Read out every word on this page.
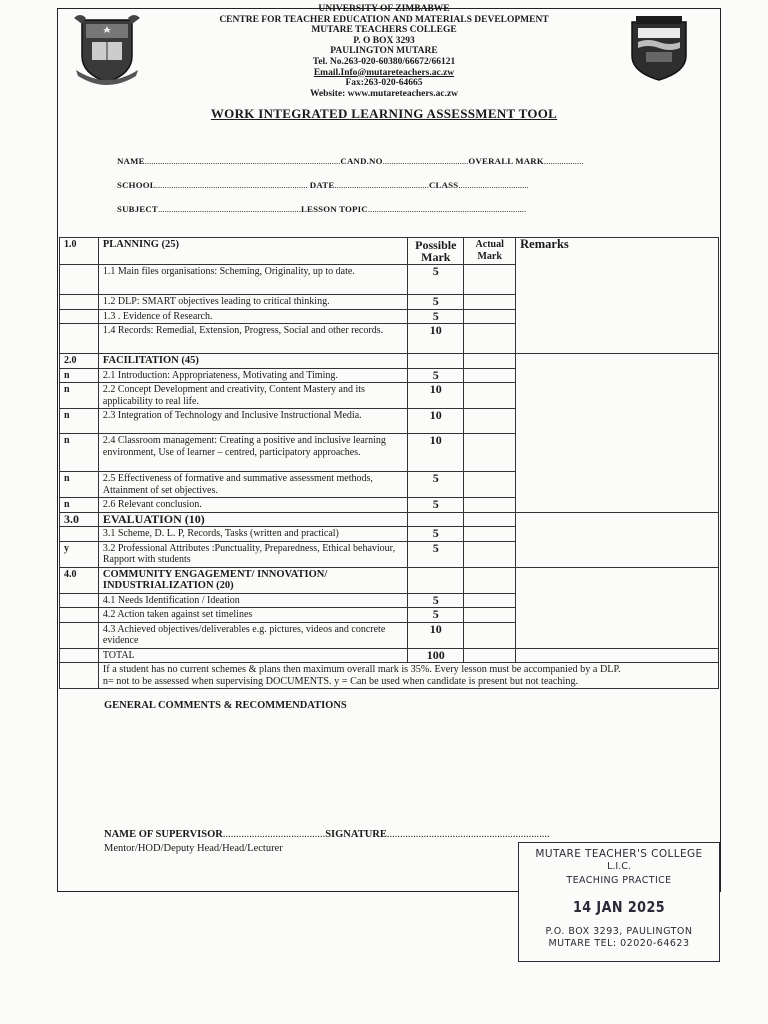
UNIVERSITY OF ZIMBABWE
CENTRE FOR TEACHER EDUCATION AND MATERIALS DEVELOPMENT
MUTARE TEACHERS COLLEGE
P. O BOX 3293
PAULINGTON MUTARE
Tel. No.263-020-60380/66672/66121
Email.Info@mutareteachers.ac.zw
Fax:263-020-64665
Website: www.mutareteachers.ac.zw
WORK INTEGRATED LEARNING ASSESSMENT TOOL
NAME.........................................................................................CAND.NO.......................................OVERALL MARK..................
SCHOOL..................................................................... DATE...........................................CLASS................................
SUBJECT.................................................................LESSON TOPIC........................................................................
1.0	PLANNING (25)	Possible Mark	Actual Mark	Remarks
	1.1 Main files organisations: Scheming, Originality, up to date.	5		
	1.2 DLP: SMART objectives leading to critical thinking.	5		
	1.3 . Evidence of Research.	5		
	1.4 Records: Remedial, Extension, Progress, Social and other records.	10		
2.0	FACILITATION (45)			
n	2.1 Introduction: Appropriateness, Motivating and Timing.	5		
n	2.2 Concept Development and creativity, Content Mastery and its applicability to real life.	10		
n	2.3 Integration of Technology and Inclusive Instructional Media.	10		
n	2.4 Classroom management: Creating a positive and inclusive learning environment, Use of learner – centred, participatory approaches.	10		
n	2.5 Effectiveness of formative and summative assessment methods, Attainment of set objectives.	5		
n	2.6 Relevant conclusion.	5		
3.0	EVALUATION (10)			
	3.1 Scheme, D. L. P, Records, Tasks (written and practical)	5		
y	3.2 Professional Attributes :Punctuality, Preparedness, Ethical behaviour, Rapport with students	5		
4.0	COMMUNITY ENGAGEMENT/ INNOVATION/ INDUSTRIALIZATION (20)			
	4.1 Needs Identification / Ideation	5		
	4.2 Action taken against set timelines	5		
	4.3 Achieved objectives/deliverables e.g. pictures, videos and concrete evidence	10		
	TOTAL	100		

	If a student has no current schemes & plans then maximum overall mark is 35%. Every lesson must be accompanied by a DLP.
n= not to be assessed when supervising DOCUMENTS. y = Can be used when candidate is present but not teaching.			
GENERAL COMMENTS & RECOMMENDATIONS
NAME OF SUPERVISOR.......................................SIGNATURE..............................................................
Mentor/HOD/Deputy Head/Head/Lecturer	MUTARE TEACHER'S COLLEGE
L.I.C.
TEACHING PRACTICE
14 JAN 2025
P.O. BOX 3293, PAULINGTON
MUTARE TEL: 02020-64623
